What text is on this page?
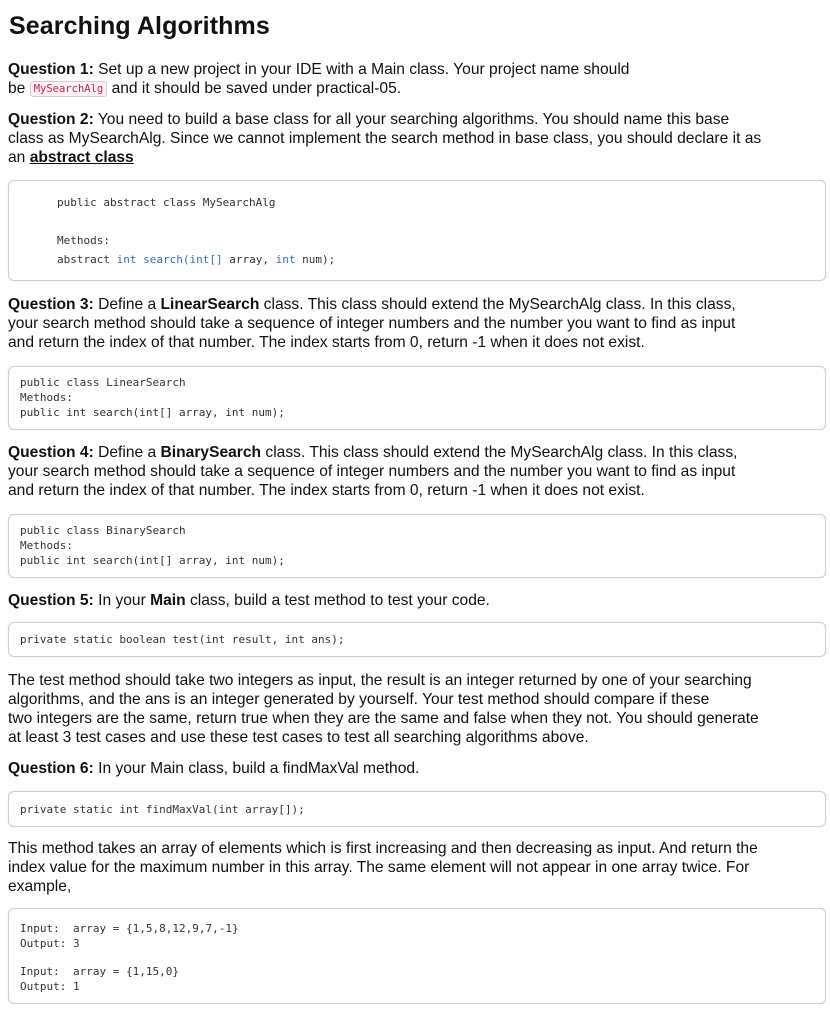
Searching Algorithms
Question 1: Set up a new project in your IDE with a Main class. Your project name should
be MySearchAlg and it should be saved under practical-05.
Question 2: You need to build a base class for all your searching algorithms. You should name this base
class as MySearchAlg. Since we cannot implement the search method in base class, you should declare it as
an abstract class
public abstract class MySearchAlg
Methods:
abstract int search(int[] array, int num);
Question 3: Define a LinearSearch class. This class should extend the MySearchAlg class. In this class,
your search method should take a sequence of integer numbers and the number you want to find as input
and return the index of that number. The index starts from 0, return -1 when it does not exist.
public class LinearSearch
Methods:
public int search(int[] array, int num);
Question 4: Define a BinarySearch class. This class should extend the MySearchAlg class. In this class,
your search method should take a sequence of integer numbers and the number you want to find as input
and return the index of that number. The index starts from 0, return -1 when it does not exist.
public class BinarySearch
Methods:
public int search(int[] array, int num);
Question 5: In your Main class, build a test method to test your code.
private static boolean test(int result, int ans);
The test method should take two integers as input, the result is an integer returned by one of your searching
algorithms, and the ans is an integer generated by yourself. Your test method should compare if these
two integers are the same, return true when they are the same and false when they not. You should generate
at least 3 test cases and use these test cases to test all searching algorithms above.
Question 6: In your Main class, build a findMaxVal method.
private static int findMaxVal(int array[]);
This method takes an array of elements which is first increasing and then decreasing as input. And return the
index value for the maximum number in this array. The same element will not appear in one array twice. For
example,
Input: array = {1,5,8,12,9,7,-1}
Output: 3
Input: array = {1,15,0}
Output: 1
